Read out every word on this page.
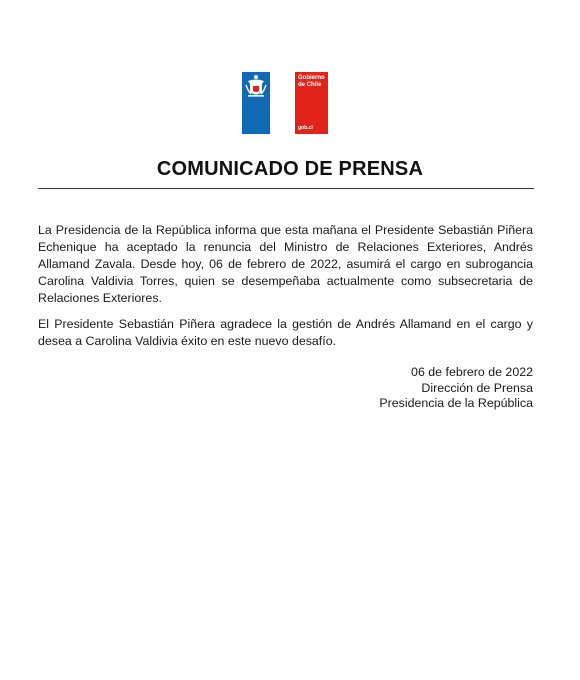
Gobierno
de Chile
gob.cl
COMUNICADO DE PRENSA

La Presidencia de la República informa que esta mañana el Presidente Sebastián Piñera Echenique ha aceptado la renuncia del Ministro de Relaciones Exteriores, Andrés Allamand Zavala. Desde hoy, 06 de febrero de 2022, asumirá el cargo en subrogancia Carolina Valdivia Torres, quien se desempeñaba actualmente como subsecretaria de Relaciones Exteriores.

El Presidente Sebastián Piñera agradece la gestión de Andrés Allamand en el cargo y desea a Carolina Valdivia éxito en este nuevo desafío.

06 de febrero de 2022
Dirección de Prensa
Presidencia de la República
